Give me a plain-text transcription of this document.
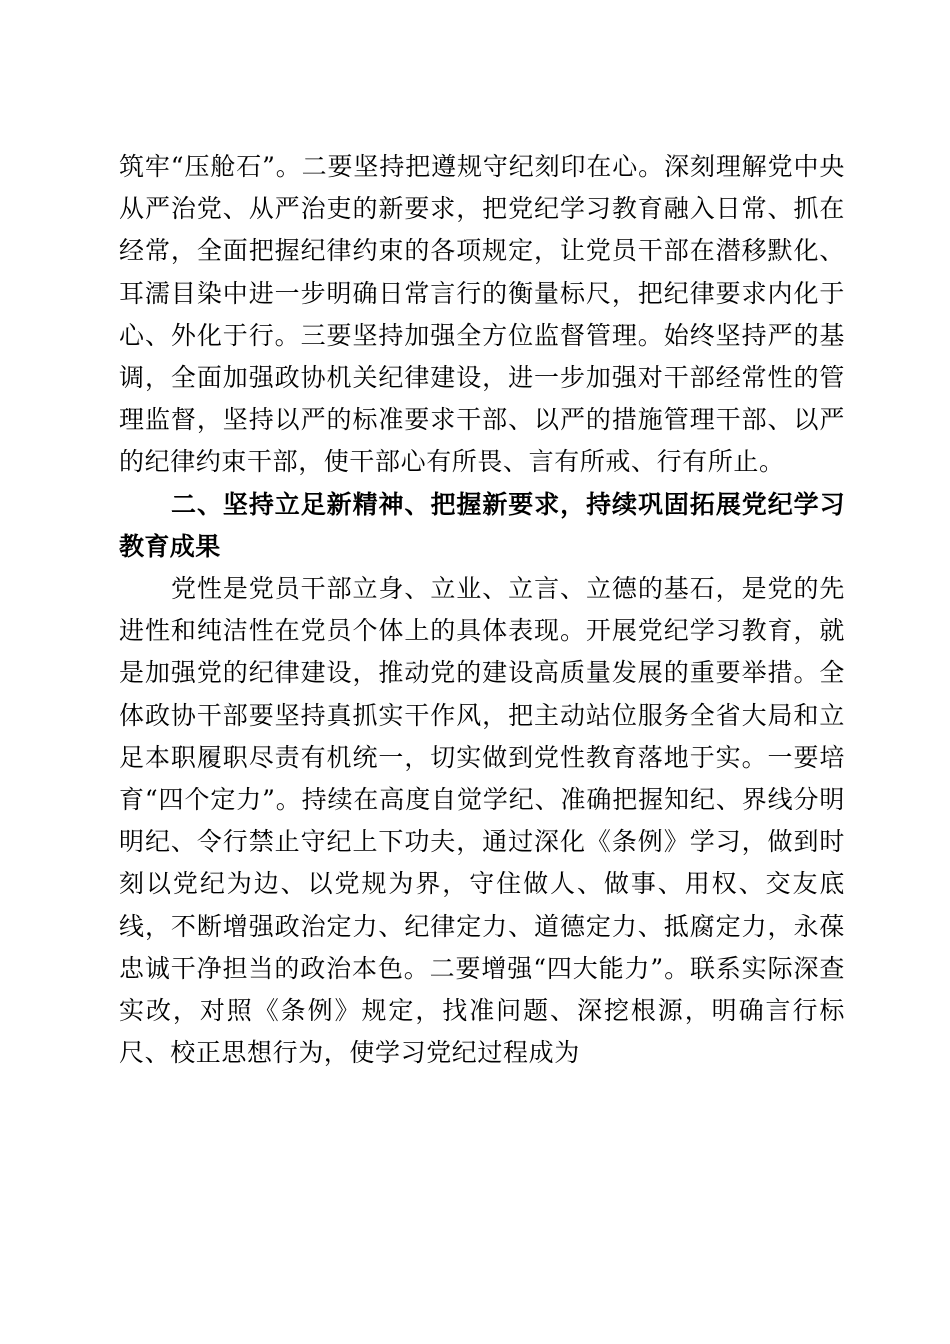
筑牢“压舱石”。二要坚持把遵规守纪刻印在心。深刻理解党中央从严治党、从严治吏的新要求，把党纪学习教育融入日常、抓在经常，全面把握纪律约束的各项规定，让党员干部在潜移默化、耳濡目染中进一步明确日常言行的衡量标尺，把纪律要求内化于心、外化于行。三要坚持加强全方位监督管理。始终坚持严的基调，全面加强政协机关纪律建设，进一步加强对干部经常性的管理监督，坚持以严的标准要求干部、以严的措施管理干部、以严的纪律约束干部，使干部心有所畏、言有所戒、行有所止。

二、坚持立足新精神、把握新要求，持续巩固拓展党纪学习教育成果

党性是党员干部立身、立业、立言、立德的基石，是党的先进性和纯洁性在党员个体上的具体表现。开展党纪学习教育，就是加强党的纪律建设，推动党的建设高质量发展的重要举措。全体政协干部要坚持真抓实干作风，把主动站位服务全省大局和立足本职履职尽责有机统一，切实做到党性教育落地于实。一要培育“四个定力”。持续在高度自觉学纪、准确把握知纪、界线分明明纪、令行禁止守纪上下功夫，通过深化《条例》学习，做到时刻以党纪为边、以党规为界，守住做人、做事、用权、交友底线，不断增强政治定力、纪律定力、道德定力、抵腐定力，永葆忠诚干净担当的政治本色。二要增强“四大能力”。联系实际深查实改，对照《条例》规定，找准问题、深挖根源，明确言行标尺、校正思想行为，使学习党纪过程成为
